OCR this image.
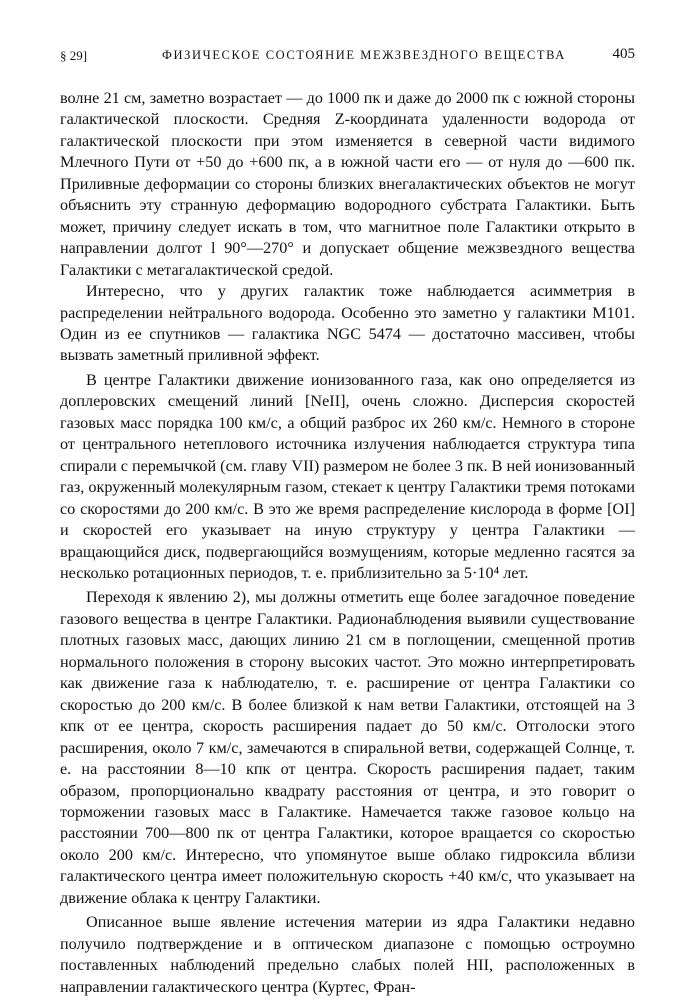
§ 29]	ФИЗИЧЕСКОЕ СОСТОЯНИЕ МЕЖЗВЕЗДНОГО ВЕЩЕСТВА	405

волне 21 см, заметно возрастает — до 1000 пк и даже до 2000 пк с южной стороны галактической плоскости. Средняя Z-координата удаленности водорода от галактической плоскости при этом изменяется в северной части видимого Млечного Пути от +50 до +600 пк, а в южной части его — от нуля до —600 пк. Приливные деформации со стороны близких внегалактических объектов не могут объяснить эту странную деформацию водородного субстрата Галактики. Быть может, причину следует искать в том, что магнитное поле Галактики открыто в направлении долгот l 90°—270° и допускает общение межзвездного вещества Галактики с метагалактической средой.

Интересно, что у других галактик тоже наблюдается асимметрия в распределении нейтрального водорода. Особенно это заметно у галактики M101. Один из ее спутников — галактика NGC 5474 — достаточно массивен, чтобы вызвать заметный приливной эффект.

В центре Галактики движение ионизованного газа, как оно определяется из доплеровских смещений линий [NeII], очень сложно. Дисперсия скоростей газовых масс порядка 100 км/с, а общий разброс их 260 км/с. Немного в стороне от центрального нетеплового источника излучения наблюдается структура типа спирали с перемычкой (см. главу VII) размером не более 3 пк. В ней ионизованный газ, окруженный молекулярным газом, стекает к центру Галактики тремя потоками со скоростями до 200 км/с. В это же время распределение кислорода в форме [OI] и скоростей его указывает на иную структуру у центра Галактики — вращающийся диск, подвергающийся возмущениям, которые медленно гасятся за несколько ротационных периодов, т. е. приблизительно за 5·10⁴ лет.

Переходя к явлению 2), мы должны отметить еще более загадочное поведение газового вещества в центре Галактики. Радионаблюдения выявили существование плотных газовых масс, дающих линию 21 см в поглощении, смещенной против нормального положения в сторону высоких частот. Это можно интерпретировать как движение газа к наблюдателю, т. е. расширение от центра Галактики со скоростью до 200 км/с. В более близкой к нам ветви Галактики, отстоящей на 3 кпк от ее центра, скорость расширения падает до 50 км/с. Отголоски этого расширения, около 7 км/с, замечаются в спиральной ветви, содержащей Солнце, т. е. на расстоянии 8—10 кпк от центра. Скорость расширения падает, таким образом, пропорционально квадрату расстояния от центра, и это говорит о торможении газовых масс в Галактике. Намечается также газовое кольцо на расстоянии 700—800 пк от центра Галактики, которое вращается со скоростью около 200 км/с. Интересно, что упомянутое выше облако гидроксила вблизи галактического центра имеет положительную скорость +40 км/с, что указывает на движение облака к центру Галактики.

Описанное выше явление истечения материи из ядра Галактики недавно получило подтверждение и в оптическом диапазоне с помощью остроумно поставленных наблюдений предельно слабых полей HII, расположенных в направлении галактического центра (Куртес, Фран-
